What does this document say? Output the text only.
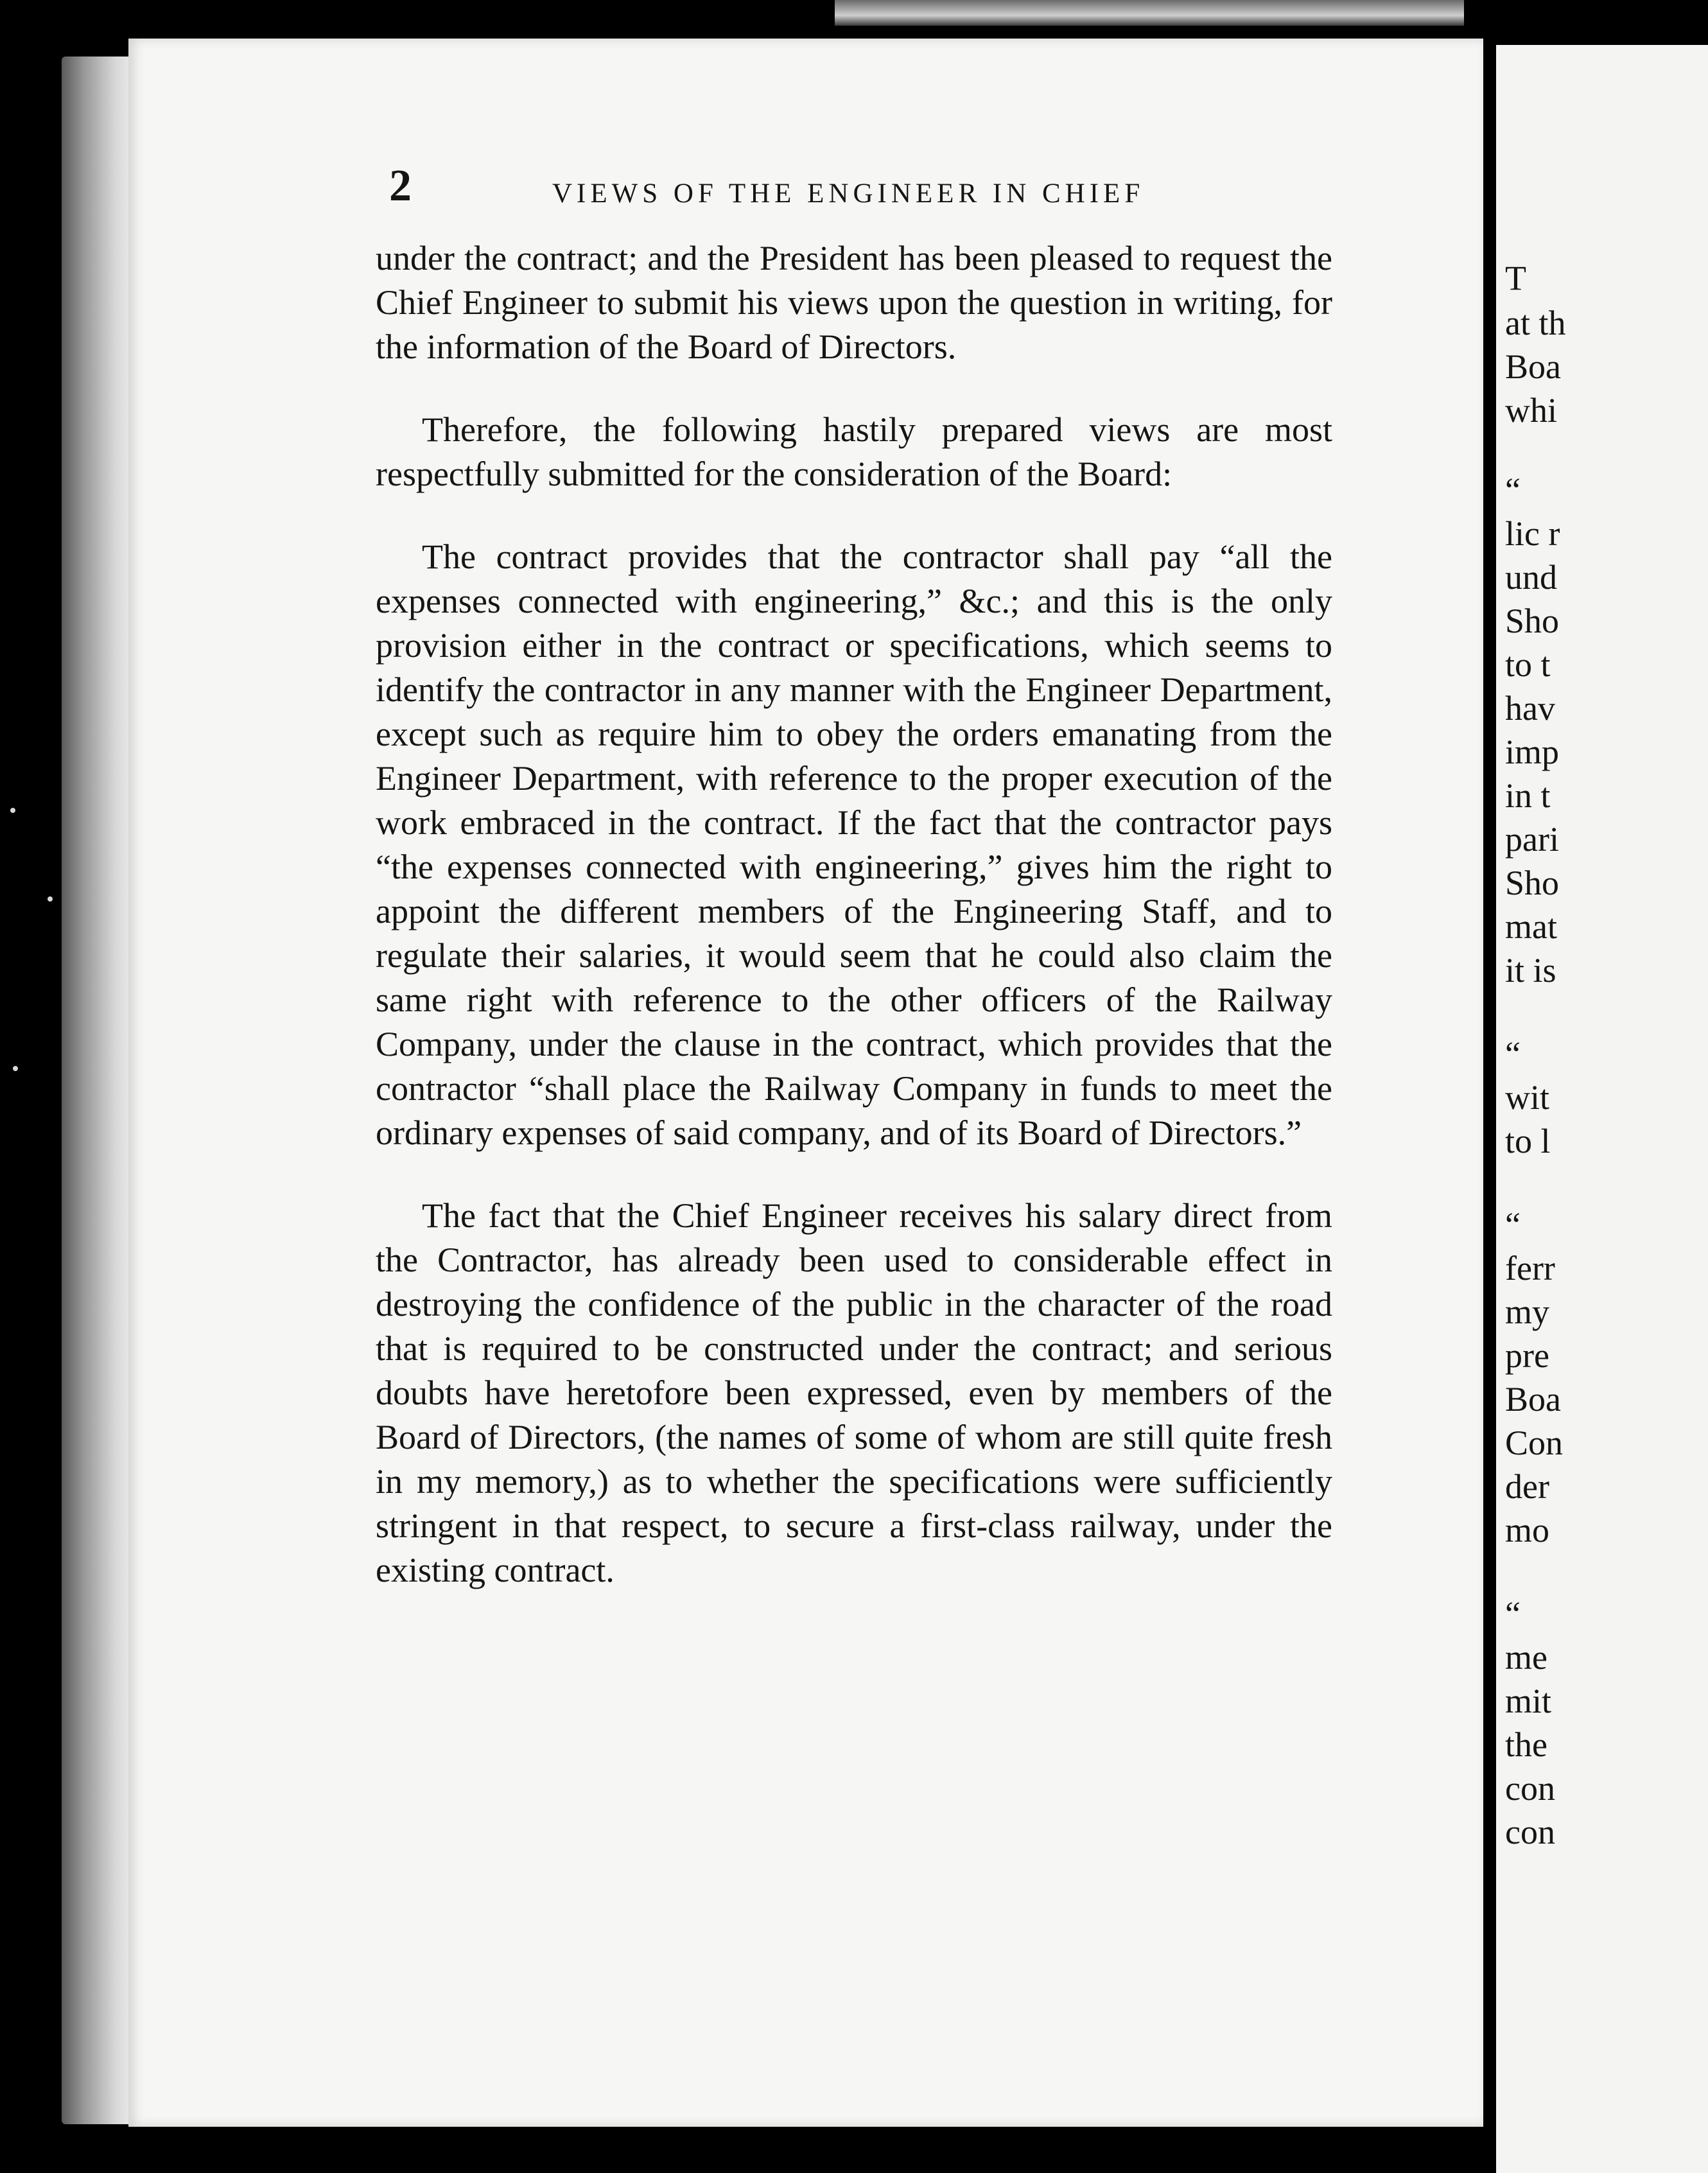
2	VIEWS OF THE ENGINEER IN CHIEF

under the contract; and the President has been pleased to request the Chief Engineer to submit his views upon the question in writing, for the information of the Board of Directors.

Therefore, the following hastily prepared views are most respectfully submitted for the consideration of the Board:

The contract provides that the contractor shall pay “all the expenses connected with engineering,” &c.; and this is the only provision either in the contract or specifications, which seems to identify the contractor in any manner with the Engineer Department, except such as require him to obey the orders emanating from the Engineer Department, with reference to the proper execution of the work embraced in the contract. If the fact that the contractor pays “the expenses connected with engineering,” gives him the right to appoint the different members of the Engineering Staff, and to regulate their salaries, it would seem that he could also claim the same right with reference to the other officers of the Railway Company, under the clause in the contract, which provides that the contractor “shall place the Railway Company in funds to meet the ordinary expenses of said company, and of its Board of Directors.”

The fact that the Chief Engineer receives his salary direct from the Contractor, has already been used to considerable effect in destroying the confidence of the public in the character of the road that is required to be constructed under the contract; and serious doubts have heretofore been expressed, even by members of the Board of Directors, (the names of some of whom are still quite fresh in my memory,) as to whether the specifications were sufficiently stringent in that respect, to secure a first-class railway, under the existing contract.

T
at th
Boa
whi
“
lic r
und
Sho
to t
hav
imp
in t
pari
Sho
mat
it is
“
wit
to l
“
ferr
my
pre
Boa
Con
der
mo
“
me
mit
the
con
con
